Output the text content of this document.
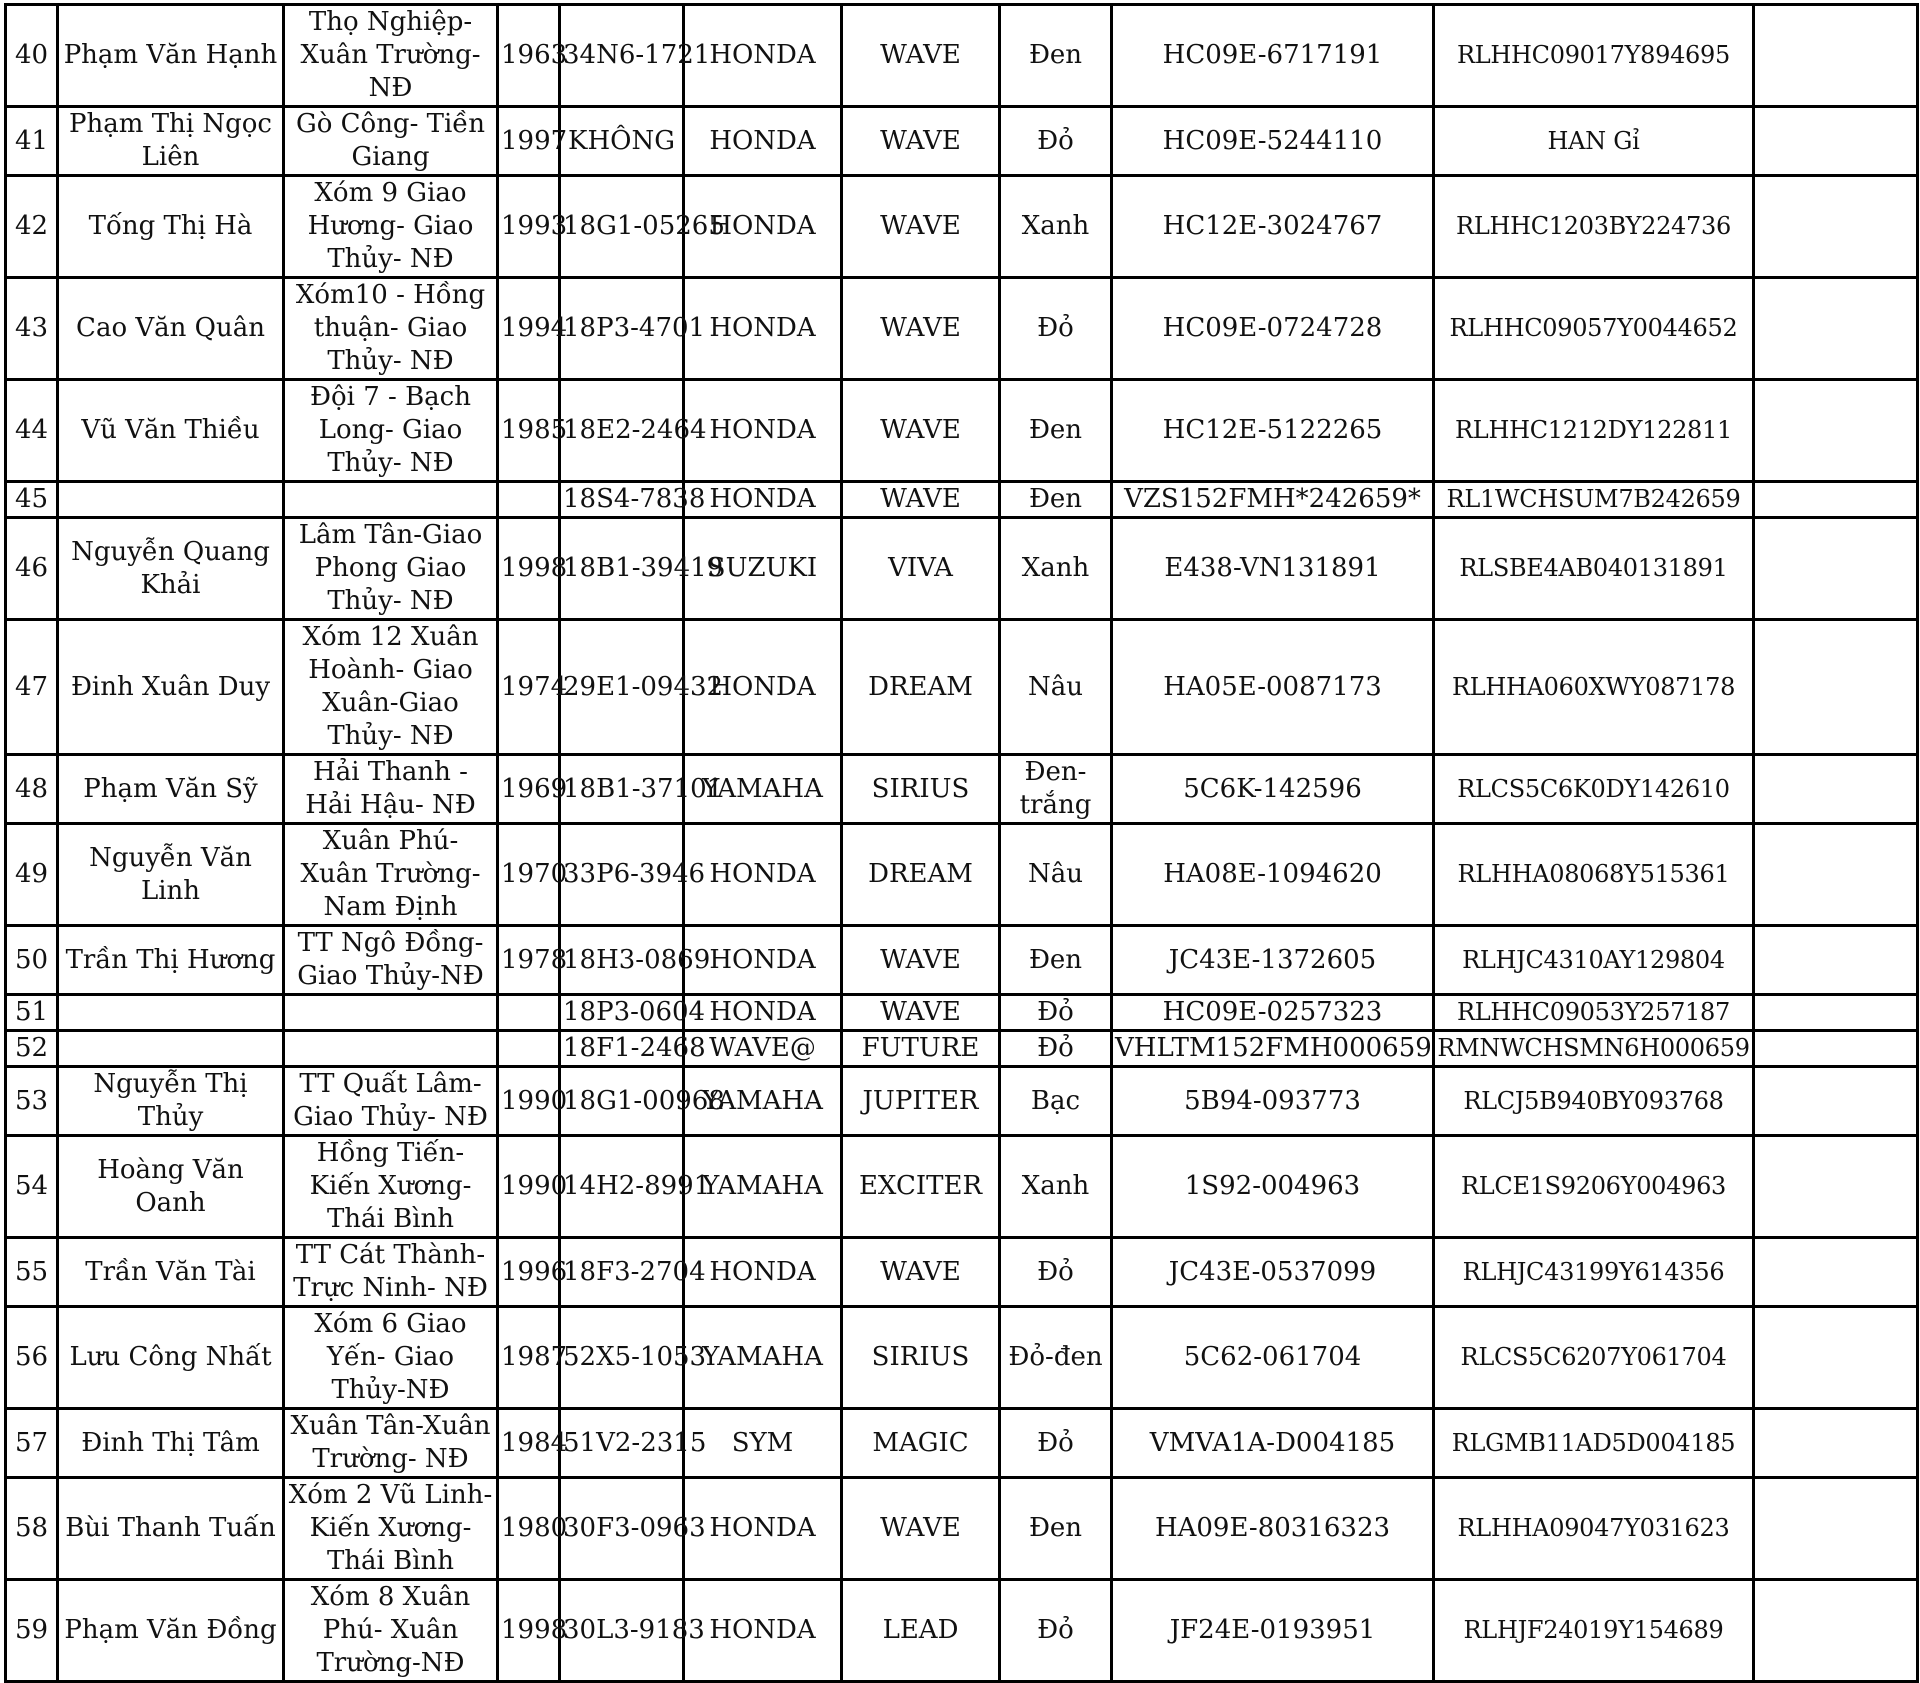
40	Phạm Văn Hạnh	Thọ Nghiệp- Xuân Trường- NĐ	1963	34N6-1721	HONDA	WAVE	Đen	HC09E-6717191	RLHHC09017Y894695	
41	Phạm Thị Ngọc Liên	Gò Công- Tiền Giang	1997	KHÔNG	HONDA	WAVE	Đỏ	HC09E-5244110	HAN Gỉ	
42	Tống Thị Hà	Xóm 9 Giao Hương- Giao Thủy- NĐ	1993	18G1-05265	HONDA	WAVE	Xanh	HC12E-3024767	RLHHC1203BY224736	
43	Cao Văn Quân	Xóm10 - Hồng thuận- Giao Thủy- NĐ	1994	18P3-4701	HONDA	WAVE	Đỏ	HC09E-0724728	RLHHC09057Y0044652	
44	Vũ Văn Thiều	Đội 7 - Bạch Long- Giao Thủy- NĐ	1985	18E2-2464	HONDA	WAVE	Đen	HC12E-5122265	RLHHC1212DY122811	
45				18S4-7838	HONDA	WAVE	Đen	VZS152FMH*242659*	RL1WCHSUM7B242659	
46	Nguyễn Quang Khải	Lâm Tân-Giao Phong Giao Thủy- NĐ	1998	18B1-39419	SUZUKI	VIVA	Xanh	E438-VN131891	RLSBE4AB040131891	
47	Đinh Xuân Duy	Xóm 12 Xuân Hoành- Giao Xuân-Giao Thủy- NĐ	1974	29E1-09432	HONDA	DREAM	Nâu	HA05E-0087173	RLHHA060XWY087178	
48	Phạm Văn Sỹ	Hải Thanh - Hải Hậu- NĐ	1969	18B1-37101	YAMAHA	SIRIUS	Đen- trắng	5C6K-142596	RLCS5C6K0DY142610	
49	Nguyễn Văn Linh	Xuân Phú- Xuân Trường- Nam Định	1970	33P6-3946	HONDA	DREAM	Nâu	HA08E-1094620	RLHHA08068Y515361	
50	Trần Thị Hương	TT Ngô Đồng-Giao Thủy-NĐ	1978	18H3-0869	HONDA	WAVE	Đen	JC43E-1372605	RLHJC4310AY129804	
51				18P3-0604	HONDA	WAVE	Đỏ	HC09E-0257323	RLHHC09053Y257187	
52				18F1-2468	WAVE@	FUTURE	Đỏ	VHLTM152FMH000659	RMNWCHSMN6H000659	
53	Nguyễn Thị Thủy	TT Quất Lâm- Giao Thủy- NĐ	1990	18G1-00968	YAMAHA	JUPITER	Bạc	5B94-093773	RLCJ5B940BY093768	
54	Hoàng Văn Oanh	Hồng Tiến-Kiến Xương-Thái Bình	1990	14H2-8991	YAMAHA	EXCITER	Xanh	1S92-004963	RLCE1S9206Y004963	
55	Trần Văn Tài	TT Cát Thành-Trực Ninh- NĐ	1996	18F3-2704	HONDA	WAVE	Đỏ	JC43E-0537099	RLHJC43199Y614356	
56	Lưu Công Nhất	Xóm 6 Giao Yến- Giao Thủy-NĐ	1987	52X5-1053	YAMAHA	SIRIUS	Đỏ-đen	5C62-061704	RLCS5C6207Y061704	
57	Đinh Thị Tâm	Xuân Tân-Xuân Trường- NĐ	1984	51V2-2315	SYM	MAGIC	Đỏ	VMVA1A-D004185	RLGMB11AD5D004185	
58	Bùi Thanh Tuấn	Xóm 2 Vũ Linh-Kiến Xương-Thái Bình	1980	30F3-0963	HONDA	WAVE	Đen	HA09E-80316323	RLHHA09047Y031623	
59	Phạm Văn Đồng	Xóm 8 Xuân Phú- Xuân Trường-NĐ	1998	30L3-9183	HONDA	LEAD	Đỏ	JF24E-0193951	RLHJF24019Y154689	
